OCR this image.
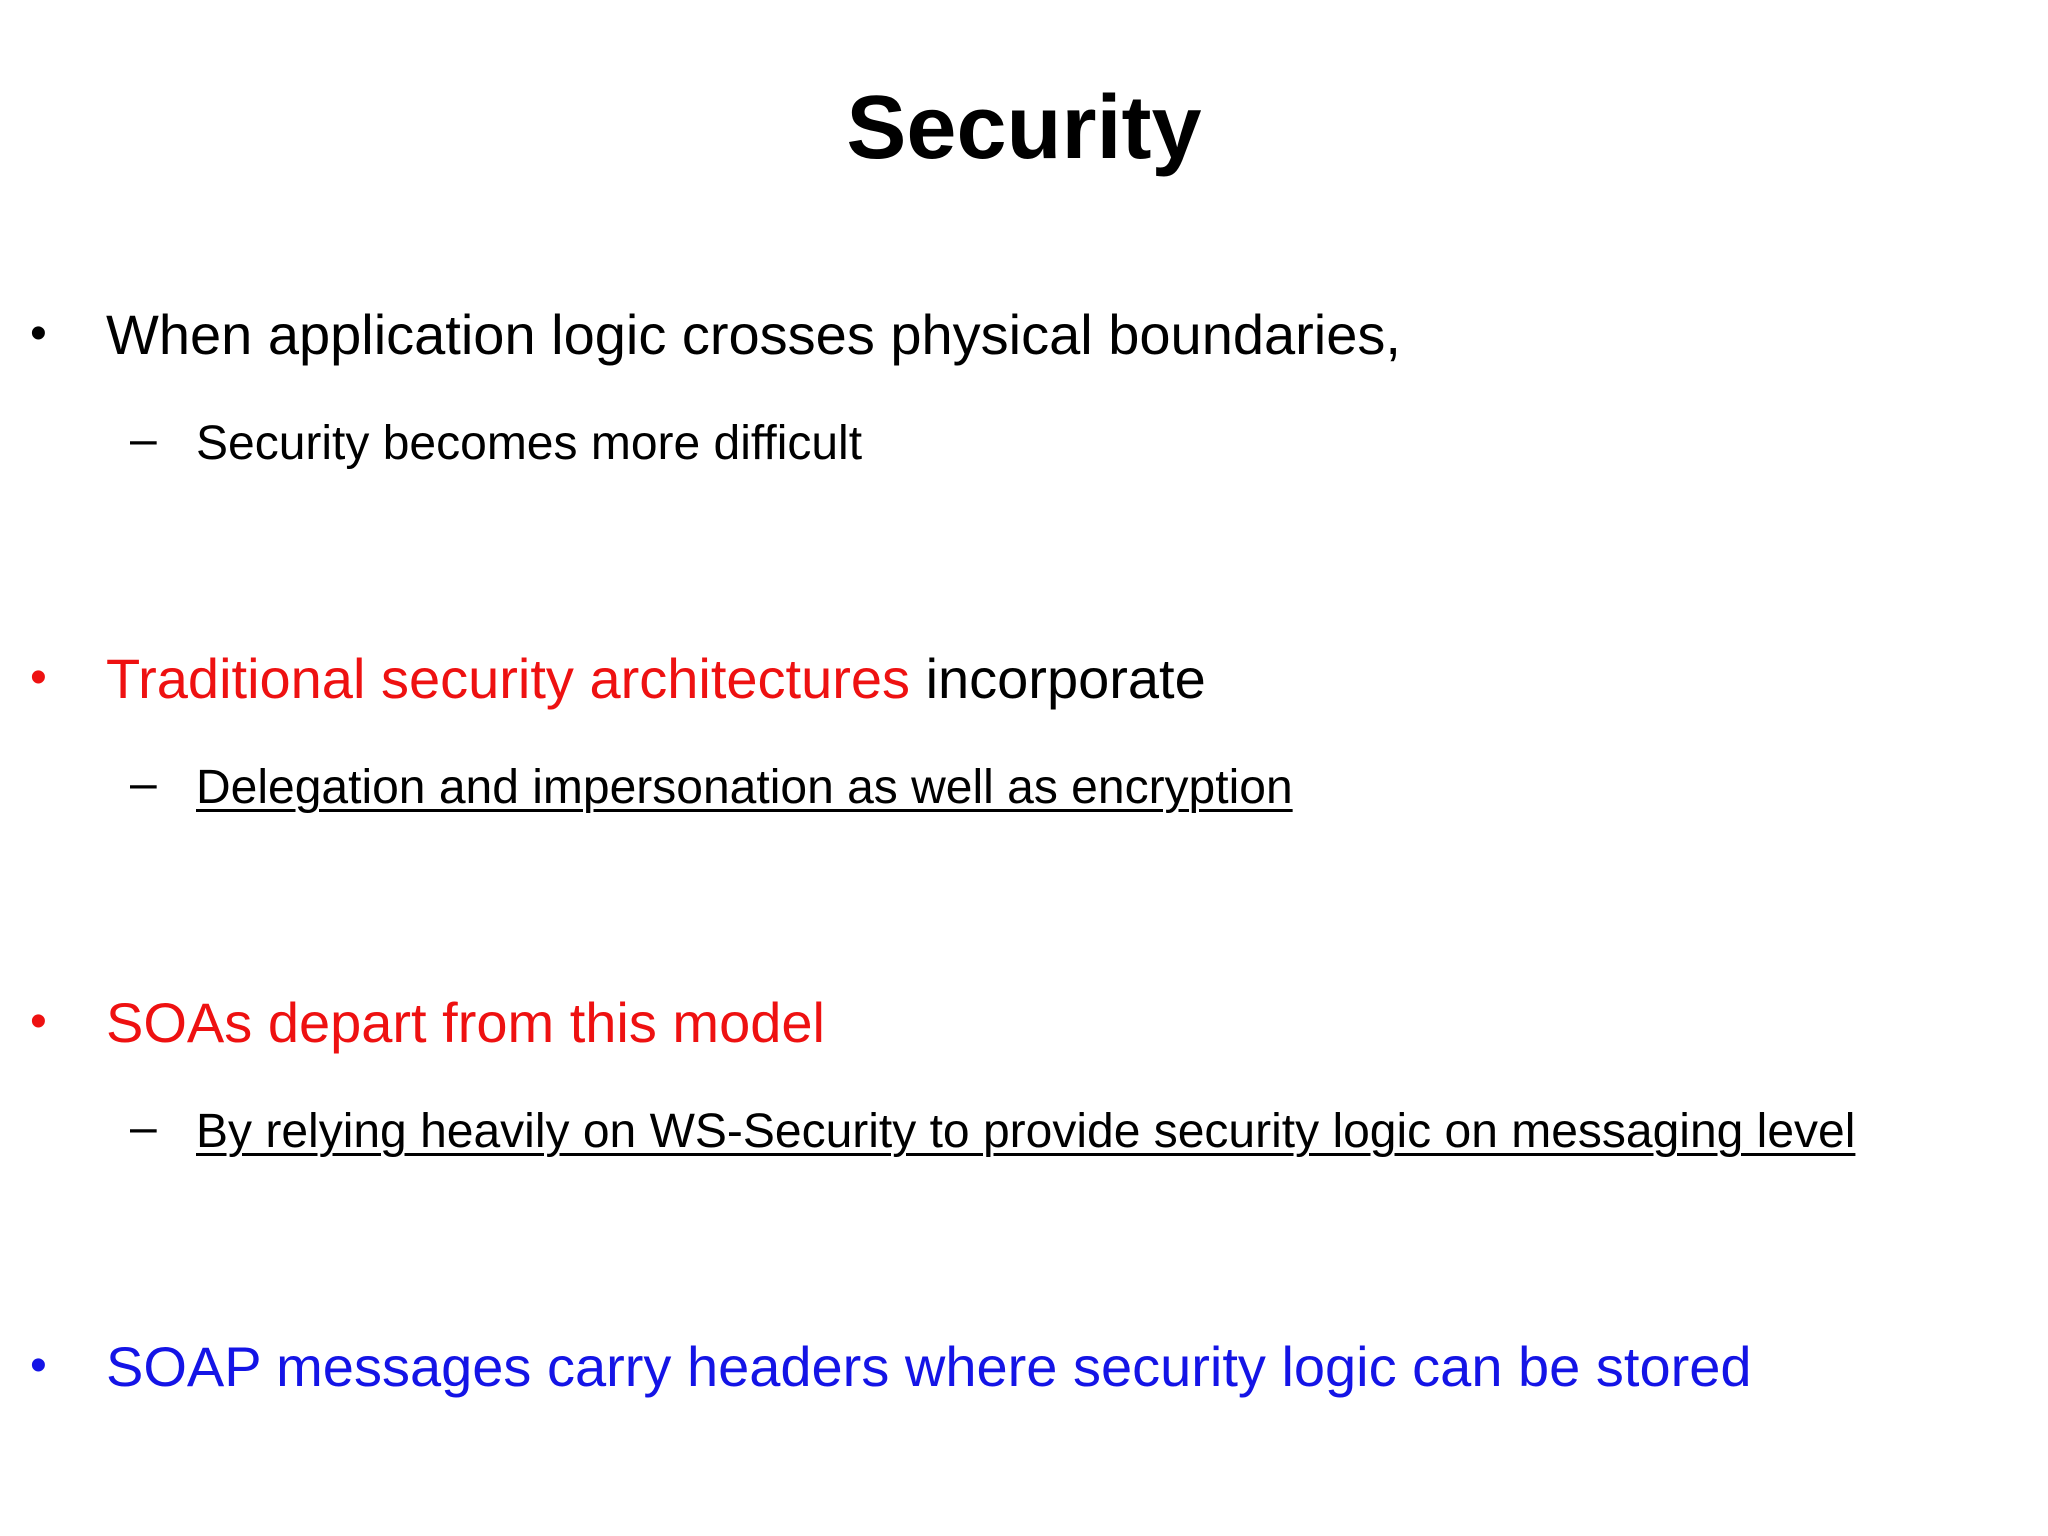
Security
• When application logic crosses physical boundaries,
– Security becomes more difficult
• Traditional security architectures incorporate
– Delegation and impersonation as well as encryption
• SOAs depart from this model
– By relying heavily on WS-Security to provide security logic on messaging level
• SOAP messages carry headers where security logic can be stored
